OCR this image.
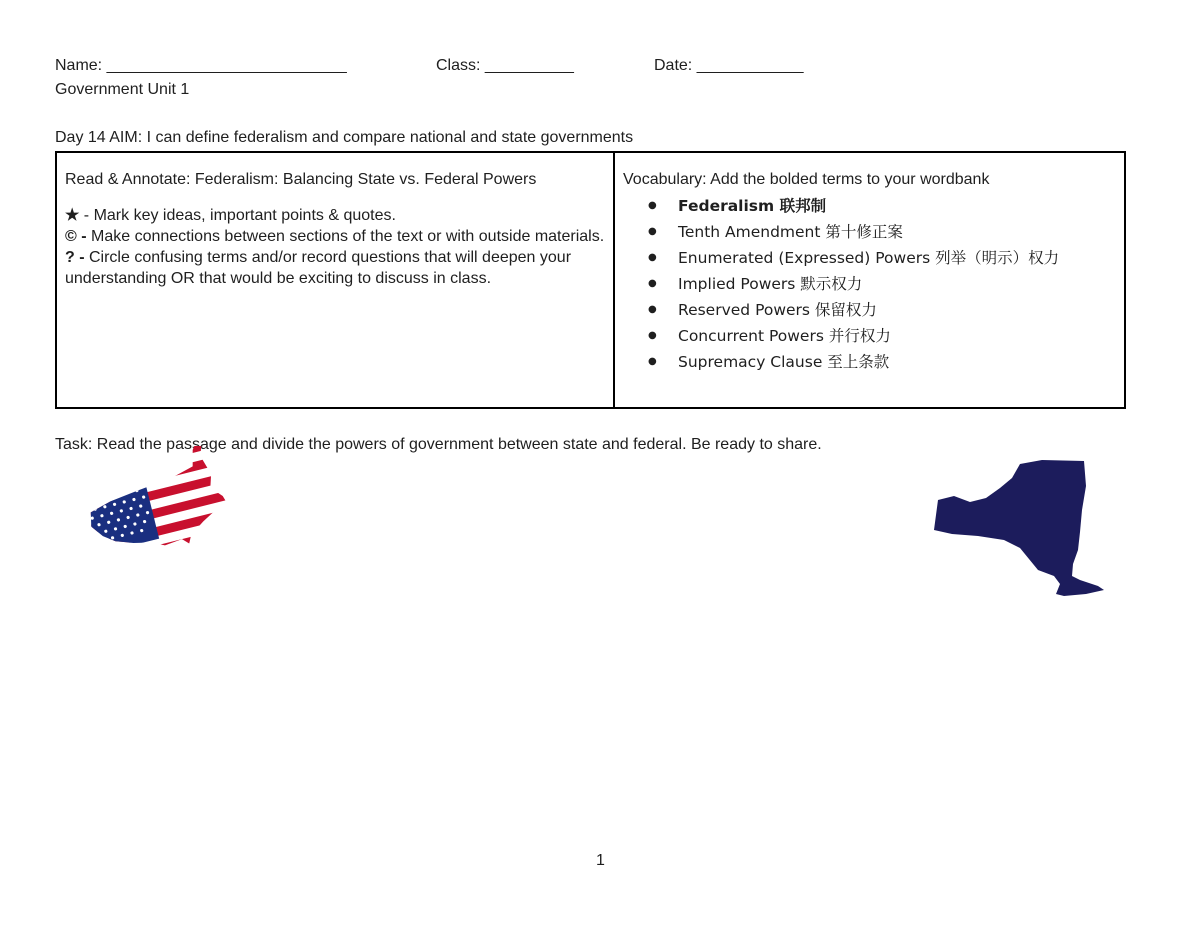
Name: ___________________________	Class: __________	Date: ____________
Government Unit 1
Day 14 AIM: I can define federalism and compare national and state governments
Read & Annotate: Federalism: Balancing State vs. Federal Powers
★ - Mark key ideas, important points & quotes.
© - Make connections between sections of the text or with outside materials.
? - Circle confusing terms and/or record questions that will deepen your understanding OR that would be exciting to discuss in class.
Vocabulary: Add the bolded terms to your wordbank
● Federalism 联邦制
● Tenth Amendment 第十修正案
● Enumerated (Expressed) Powers 列举（明示）权力
● Implied Powers 默示权力
● Reserved Powers 保留权力
● Concurrent Powers 并行权力
● Supremacy Clause 至上条款
Task: Read the passage and divide the powers of government between state and federal. Be ready to share.
1
